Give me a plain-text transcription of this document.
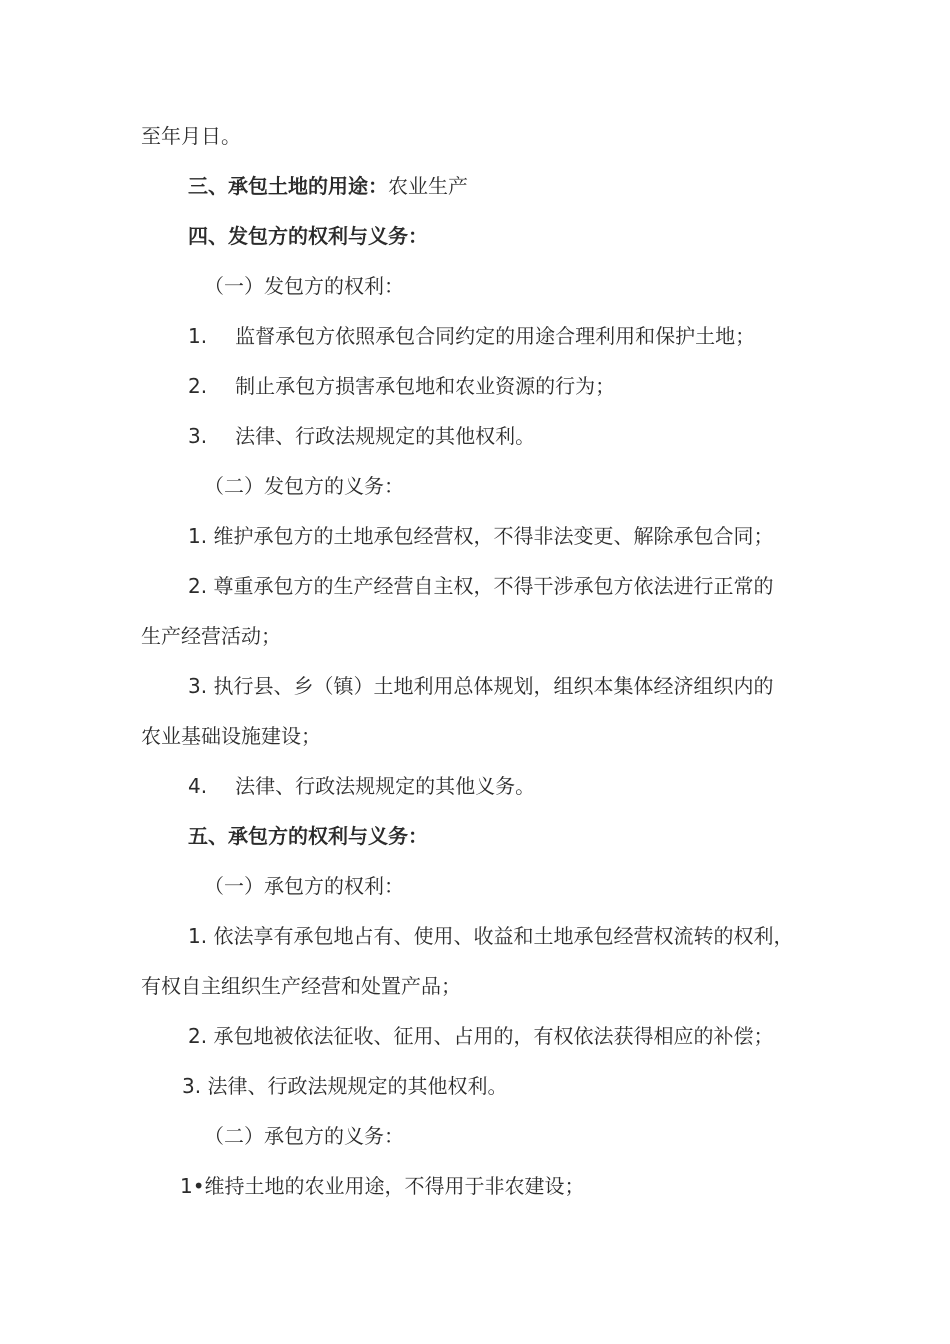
至年月日。
三、承包土地的用途：农业生产
四、发包方的权利与义务：
（一）发包方的权利：
1. 监督承包方依照承包合同约定的用途合理利用和保护土地；
2. 制止承包方损害承包地和农业资源的行为；
3. 法律、行政法规规定的其他权利。
（二）发包方的义务：
1. 维护承包方的土地承包经营权，不得非法变更、解除承包合同；
2. 尊重承包方的生产经营自主权，不得干涉承包方依法进行正常的
生产经营活动；
3. 执行县、乡（镇）土地利用总体规划，组织本集体经济组织内的
农业基础设施建设；
4. 法律、行政法规规定的其他义务。
五、承包方的权利与义务：
（一）承包方的权利：
1. 依法享有承包地占有、使用、收益和土地承包经营权流转的权利，
有权自主组织生产经营和处置产品；
2. 承包地被依法征收、征用、占用的，有权依法获得相应的补偿；
3. 法律、行政法规规定的其他权利。
（二）承包方的义务：
1•维持土地的农业用途，不得用于非农建设；
